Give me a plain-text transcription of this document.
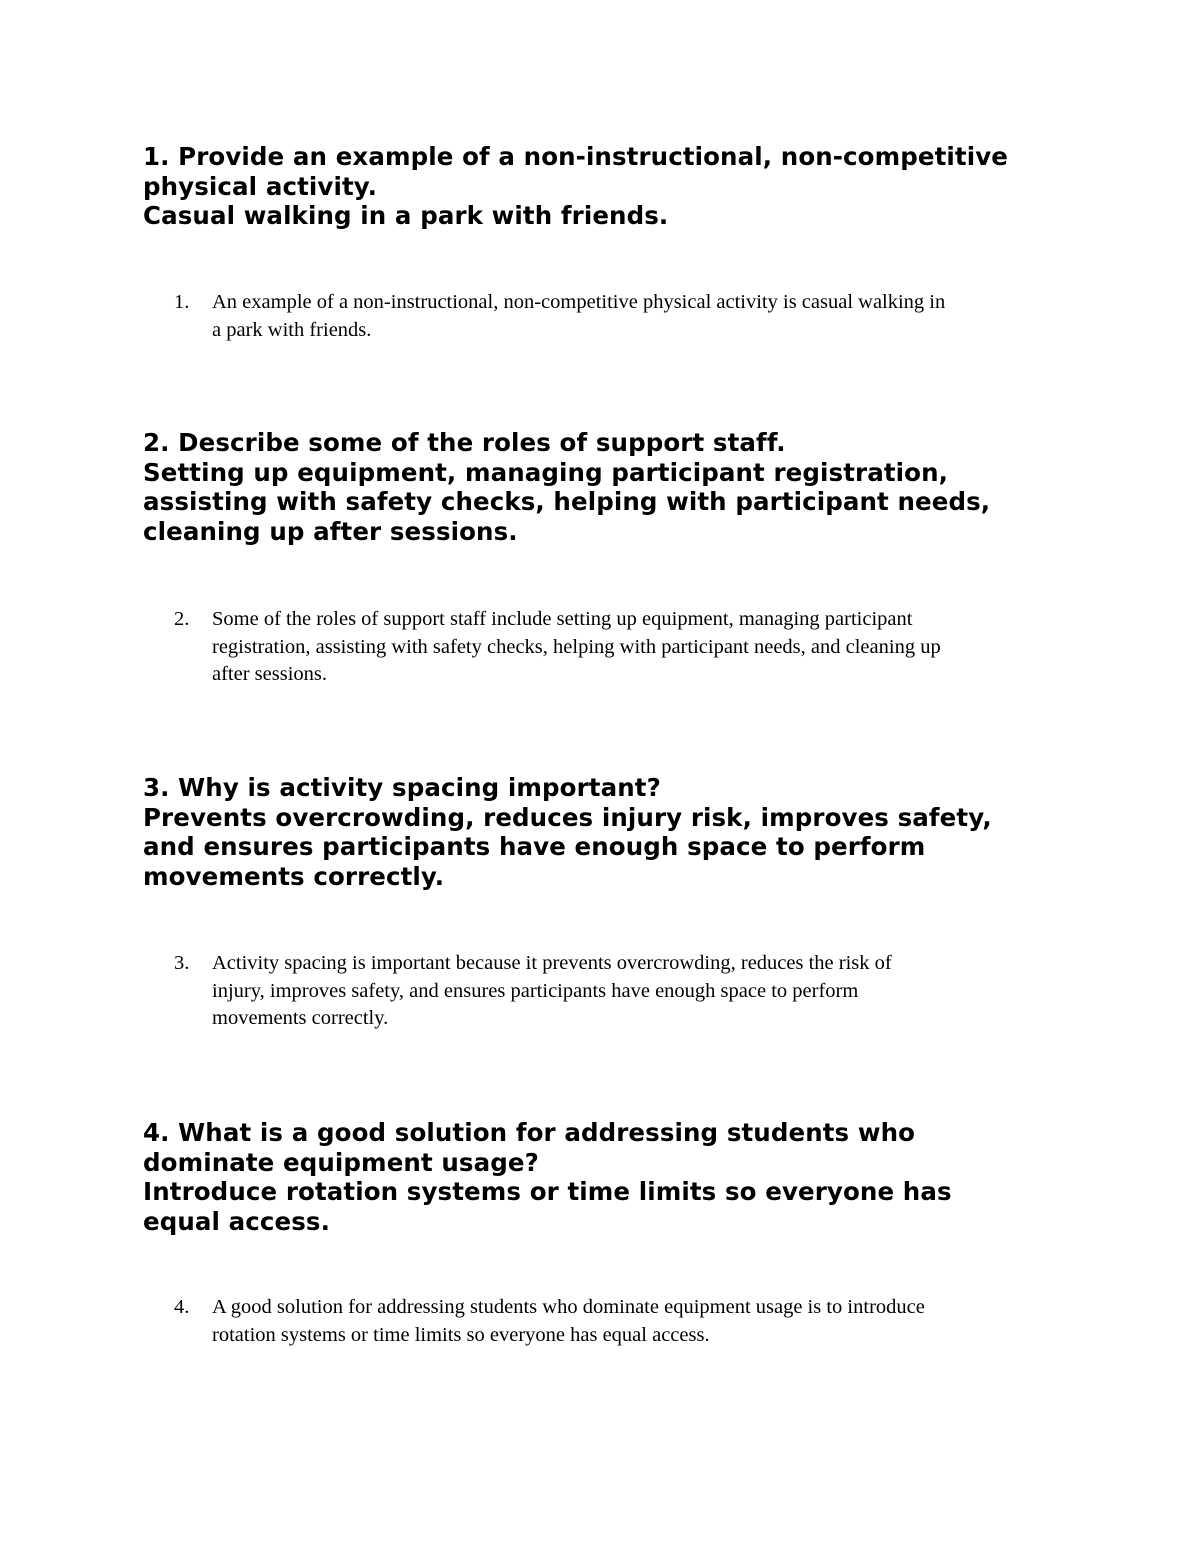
1. Provide an example of a non-instructional, non-competitive
physical activity.
Casual walking in a park with friends.
1.	An example of a non-instructional, non-competitive physical activity is casual walking in
a park with friends.
2. Describe some of the roles of support staff.
Setting up equipment, managing participant registration,
assisting with safety checks, helping with participant needs,
cleaning up after sessions.
2.	Some of the roles of support staff include setting up equipment, managing participant
registration, assisting with safety checks, helping with participant needs, and cleaning up
after sessions.
3. Why is activity spacing important?
Prevents overcrowding, reduces injury risk, improves safety,
and ensures participants have enough space to perform
movements correctly.
3.	Activity spacing is important because it prevents overcrowding, reduces the risk of
injury, improves safety, and ensures participants have enough space to perform
movements correctly.
4. What is a good solution for addressing students who
dominate equipment usage?
Introduce rotation systems or time limits so everyone has
equal access.
4.	A good solution for addressing students who dominate equipment usage is to introduce
rotation systems or time limits so everyone has equal access.
